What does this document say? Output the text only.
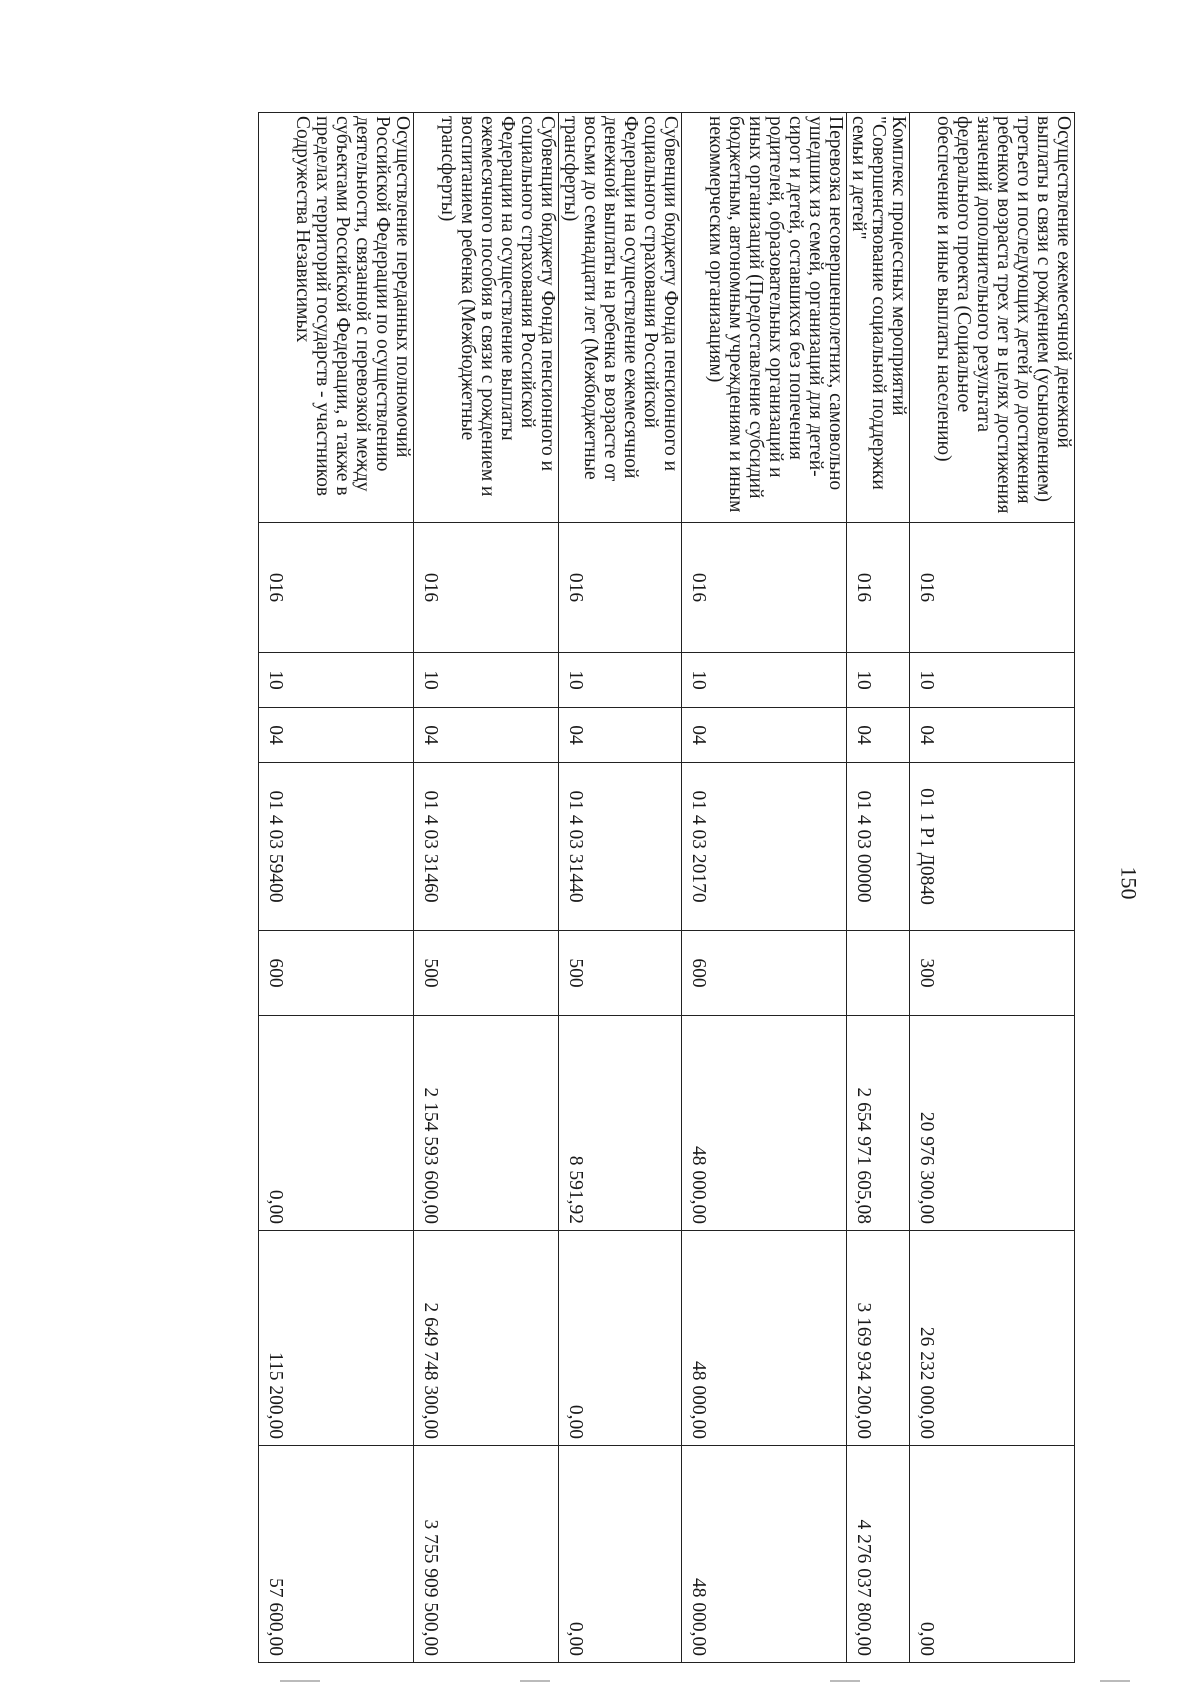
150
Осуществление ежемесячной денежной выплаты в связи с рождением (усыновлением) третьего и последующих детей до достижения ребенком возраста трех лет в целях достижения значений дополнительного результата федерального проекта (Социальное обеспечение и иные выплаты населению)	016	10	04	01 1 Р1 Д0840	300	20 976 300,00	26 232 000,00	0,00
Комплекс процессных мероприятий "Совершенствование социальной поддержки семьи и детей"	016	10	04	01 4 03 00000		2 654 971 605,08	3 169 934 200,00	4 276 037 800,00
Перевозка несовершеннолетних, самовольно ушедших из семей, организаций для детей-сирот и детей, оставшихся без попечения родителей, образовательных организаций и иных организаций (Предоставление субсидий бюджетным, автономным учреждениям и иным некоммерческим организациям)	016	10	04	01 4 03 20170	600	48 000,00	48 000,00	48 000,00
Субвенции бюджету Фонда пенсионного и социального страхования Российской Федерации на осуществление ежемесячной денежной выплаты на ребенка в возрасте от восьми до семнадцати лет (Межбюджетные трансферты)	016	10	04	01 4 03 31440	500	8 591,92	0,00	0,00
Субвенции бюджету Фонда пенсионного и социального страхования Российской Федерации на осуществление выплаты ежемесячного пособия в связи с рождением и воспитанием ребенка (Межбюджетные трансферты)	016	10	04	01 4 03 31460	500	2 154 593 600,00	2 649 748 300,00	3 755 909 500,00
Осуществление переданных полномочий Российской Федерации по осуществлению деятельности, связанной с перевозкой между субъектами Российской Федерации, а также в пределах территорий государств - участников Содружества Независимых	016	10	04	01 4 03 59400	600	0,00	115 200,00	57 600,00
